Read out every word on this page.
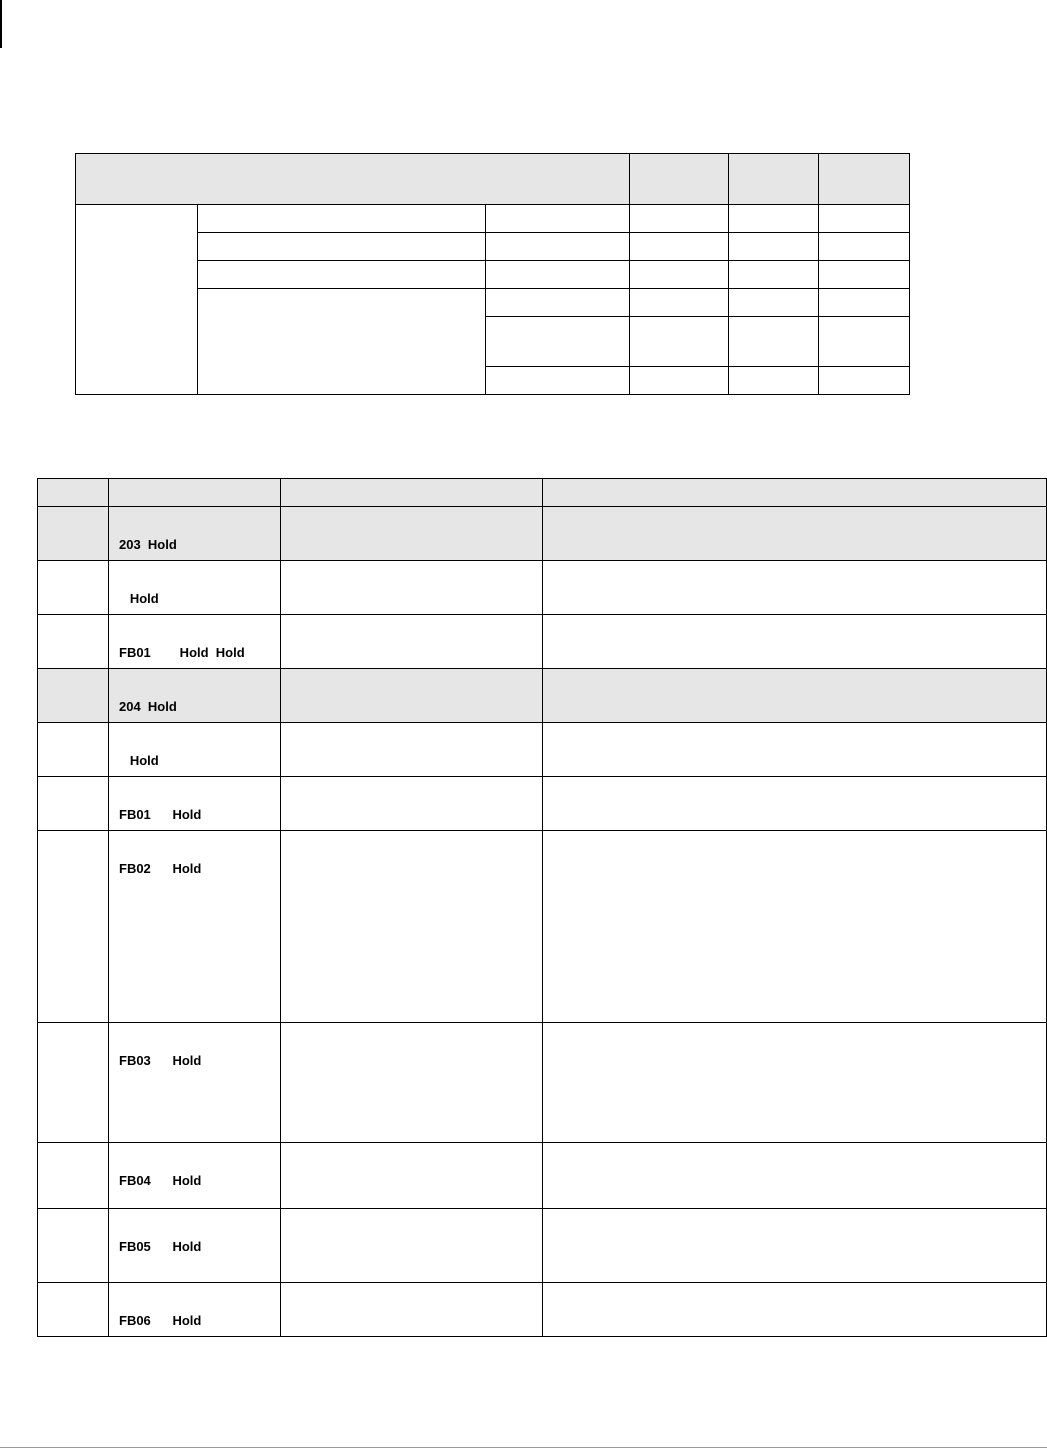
	203  Hold		
	Hold		
	FB01        Hold  Hold		
	204  Hold		
	Hold		
	FB01      Hold		
	FB02      Hold		
	FB03      Hold		
	FB04      Hold		
	FB05      Hold		
	FB06      Hold		
